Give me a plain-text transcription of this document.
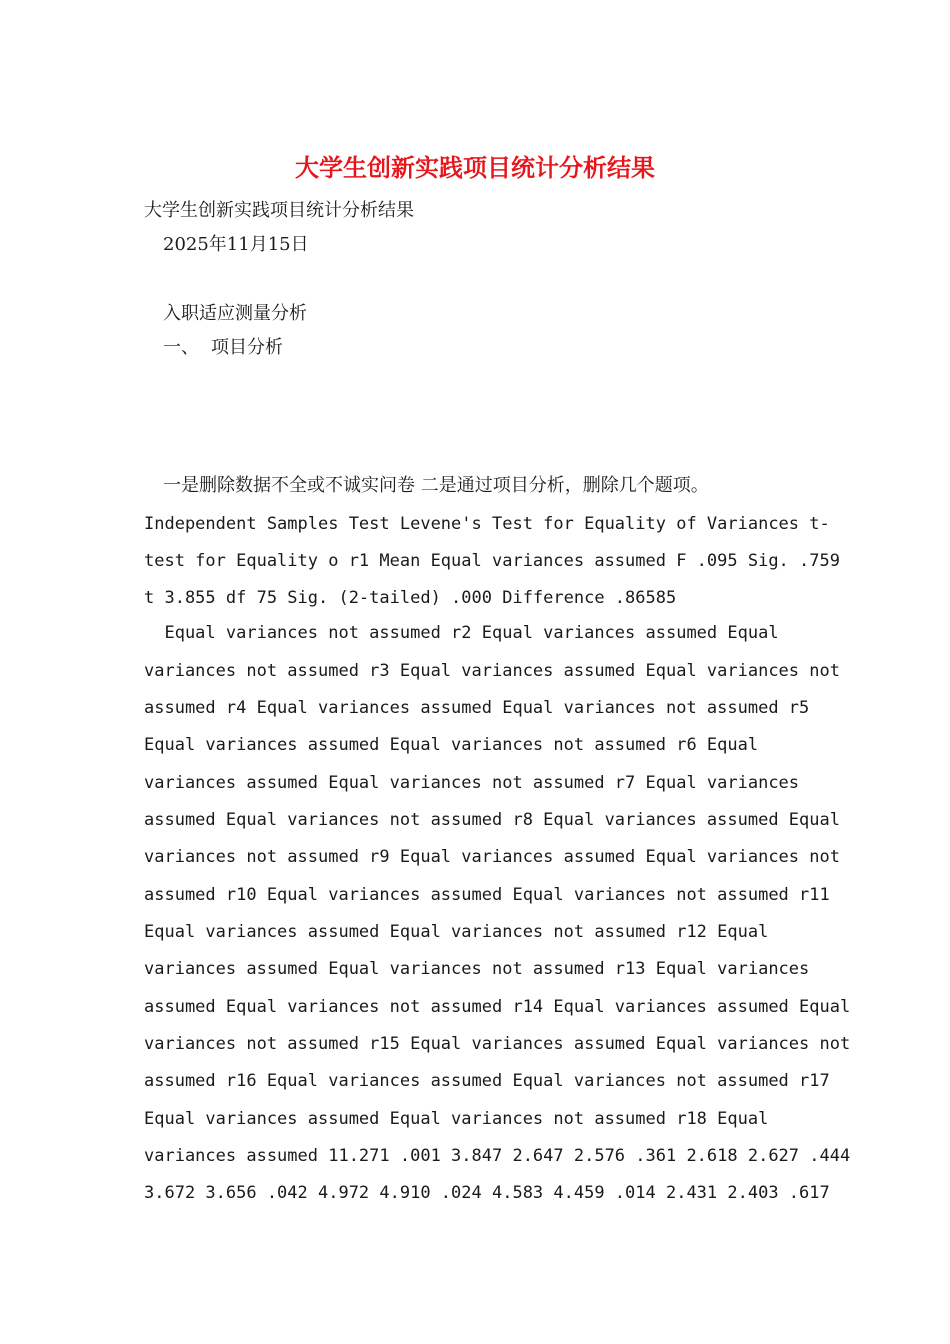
大学生创新实践项目统计分析结果

大学生创新实践项目统计分析结果

2025年11月15日

入职适应测量分析

一、 项目分析

一是删除数据不全或不诚实问卷 二是通过项目分析，删除几个题项。

Independent Samples Test Levene's Test for Equality of Variances t-

test for Equality o r1 Mean Equal variances assumed F .095 Sig. .759

t 3.855 df 75 Sig. (2-tailed) .000 Difference .86585

Equal variances not assumed r2 Equal variances assumed Equal

variances not assumed r3 Equal variances assumed Equal variances not

assumed r4 Equal variances assumed Equal variances not assumed r5

Equal variances assumed Equal variances not assumed r6 Equal

variances assumed Equal variances not assumed r7 Equal variances

assumed Equal variances not assumed r8 Equal variances assumed Equal

variances not assumed r9 Equal variances assumed Equal variances not

assumed r10 Equal variances assumed Equal variances not assumed r11

Equal variances assumed Equal variances not assumed r12 Equal

variances assumed Equal variances not assumed r13 Equal variances

assumed Equal variances not assumed r14 Equal variances assumed Equal

variances not assumed r15 Equal variances assumed Equal variances not

assumed r16 Equal variances assumed Equal variances not assumed r17

Equal variances assumed Equal variances not assumed r18 Equal

variances assumed 11.271 .001 3.847 2.647 2.576 .361 2.618 2.627 .444

3.672 3.656 .042 4.972 4.910 .024 4.583 4.459 .014 2.431 2.403 .617
